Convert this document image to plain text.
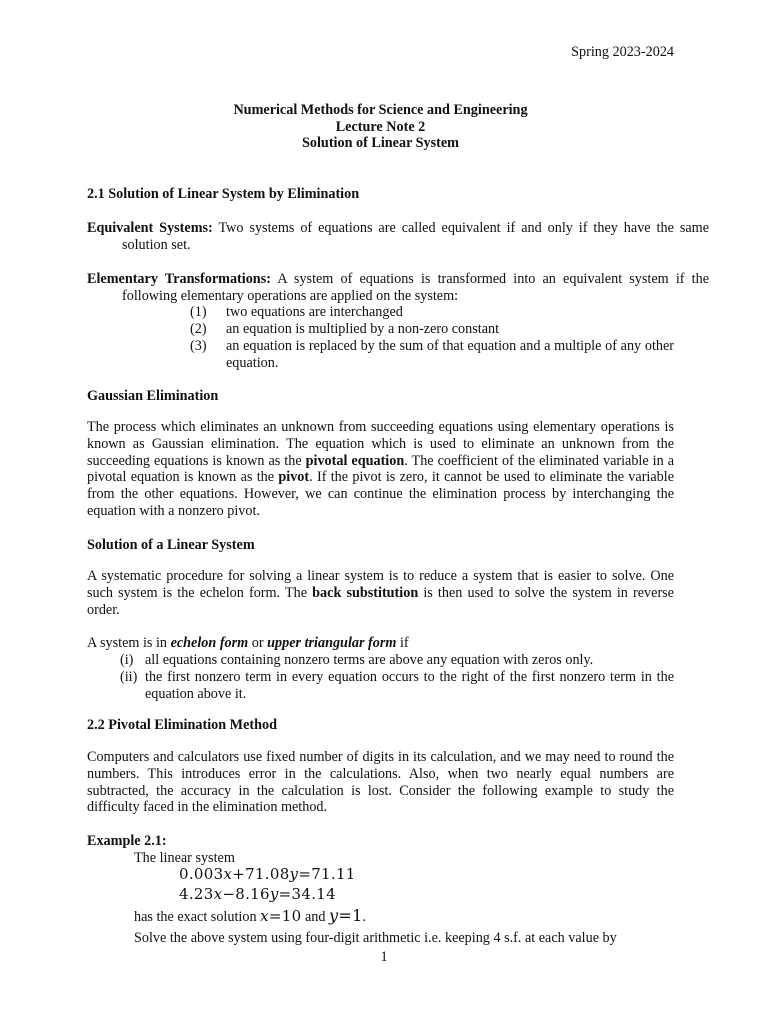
Spring 2023-2024
Numerical Methods for Science and Engineering
Lecture Note 2
Solution of Linear System
2.1 Solution of Linear System by Elimination
Equivalent Systems: Two systems of equations are called equivalent if and only if they have the same solution set.
Elementary Transformations: A system of equations is transformed into an equivalent system if the following elementary operations are applied on the system:
(1) two equations are interchanged
(2) an equation is multiplied by a non-zero constant
(3) an equation is replaced by the sum of that equation and a multiple of any other equation.
Gaussian Elimination
The process which eliminates an unknown from succeeding equations using elementary operations is known as Gaussian elimination. The equation which is used to eliminate an unknown from the succeeding equations is known as the pivotal equation. The coefficient of the eliminated variable in a pivotal equation is known as the pivot. If the pivot is zero, it cannot be used to eliminate the variable from the other equations. However, we can continue the elimination process by interchanging the equation with a nonzero pivot.
Solution of a Linear System
A systematic procedure for solving a linear system is to reduce a system that is easier to solve. One such system is the echelon form. The back substitution is then used to solve the system in reverse order.
A system is in echelon form or upper triangular form if
(i) all equations containing nonzero terms are above any equation with zeros only.
(ii) the first nonzero term in every equation occurs to the right of the first nonzero term in the equation above it.
2.2 Pivotal Elimination Method
Computers and calculators use fixed number of digits in its calculation, and we may need to round the numbers. This introduces error in the calculations. Also, when two nearly equal numbers are subtracted, the accuracy in the calculation is lost. Consider the following example to study the difficulty faced in the elimination method.
Example 2.1:
The linear system
0.003x+71.08y=71.11
4.23x−8.16y=34.14
has the exact solution x=10 and y=1.
Solve the above system using four-digit arithmetic i.e. keeping 4 s.f. at each value by
1
